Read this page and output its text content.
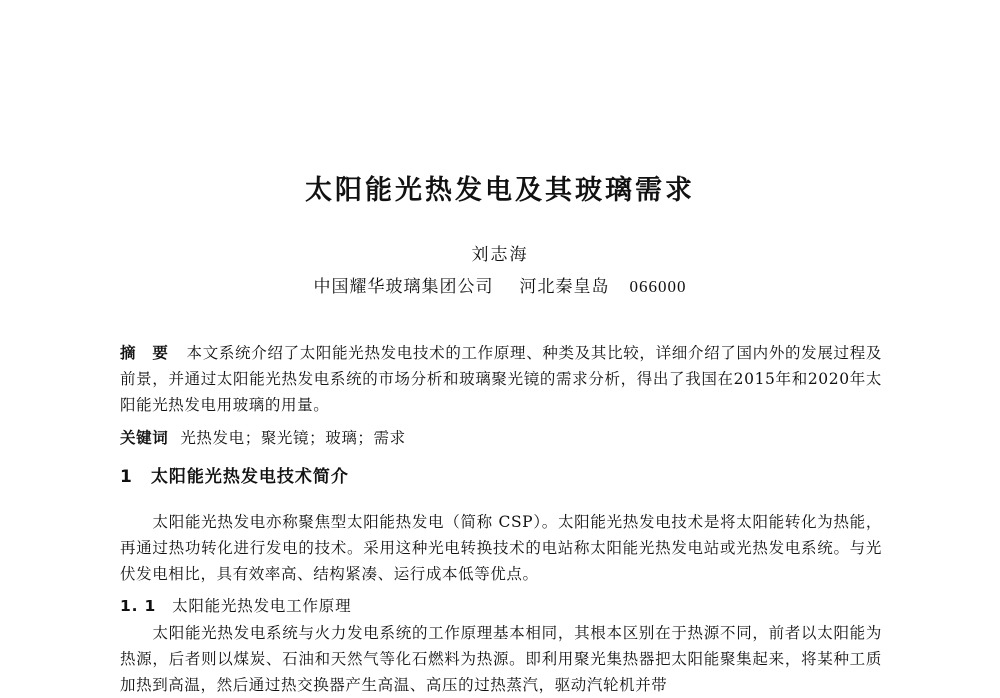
太阳能光热发电及其玻璃需求
刘志海
中国耀华玻璃集团公司 河北秦皇岛 066000
摘　要 本文系统介绍了太阳能光热发电技术的工作原理、种类及其比较，详细介绍了国内外的发展过程及前景，并通过太阳能光热发电系统的市场分析和玻璃聚光镜的需求分析，得出了我国在2015年和2020年太阳能光热发电用玻璃的用量。
关键词 光热发电；聚光镜；玻璃；需求
1 太阳能光热发电技术简介
太阳能光热发电亦称聚焦型太阳能热发电（简称 CSP）。太阳能光热发电技术是将太阳能转化为热能，再通过热功转化进行发电的技术。采用这种光电转换技术的电站称太阳能光热发电站或光热发电系统。与光伏发电相比，具有效率高、结构紧凑、运行成本低等优点。
1. 1 太阳能光热发电工作原理
太阳能光热发电系统与火力发电系统的工作原理基本相同，其根本区别在于热源不同，前者以太阳能为热源，后者则以煤炭、石油和天然气等化石燃料为热源。即利用聚光集热器把太阳能聚集起来，将某种工质加热到高温，然后通过热交换器产生高温、高压的过热蒸汽，驱动汽轮机并带
